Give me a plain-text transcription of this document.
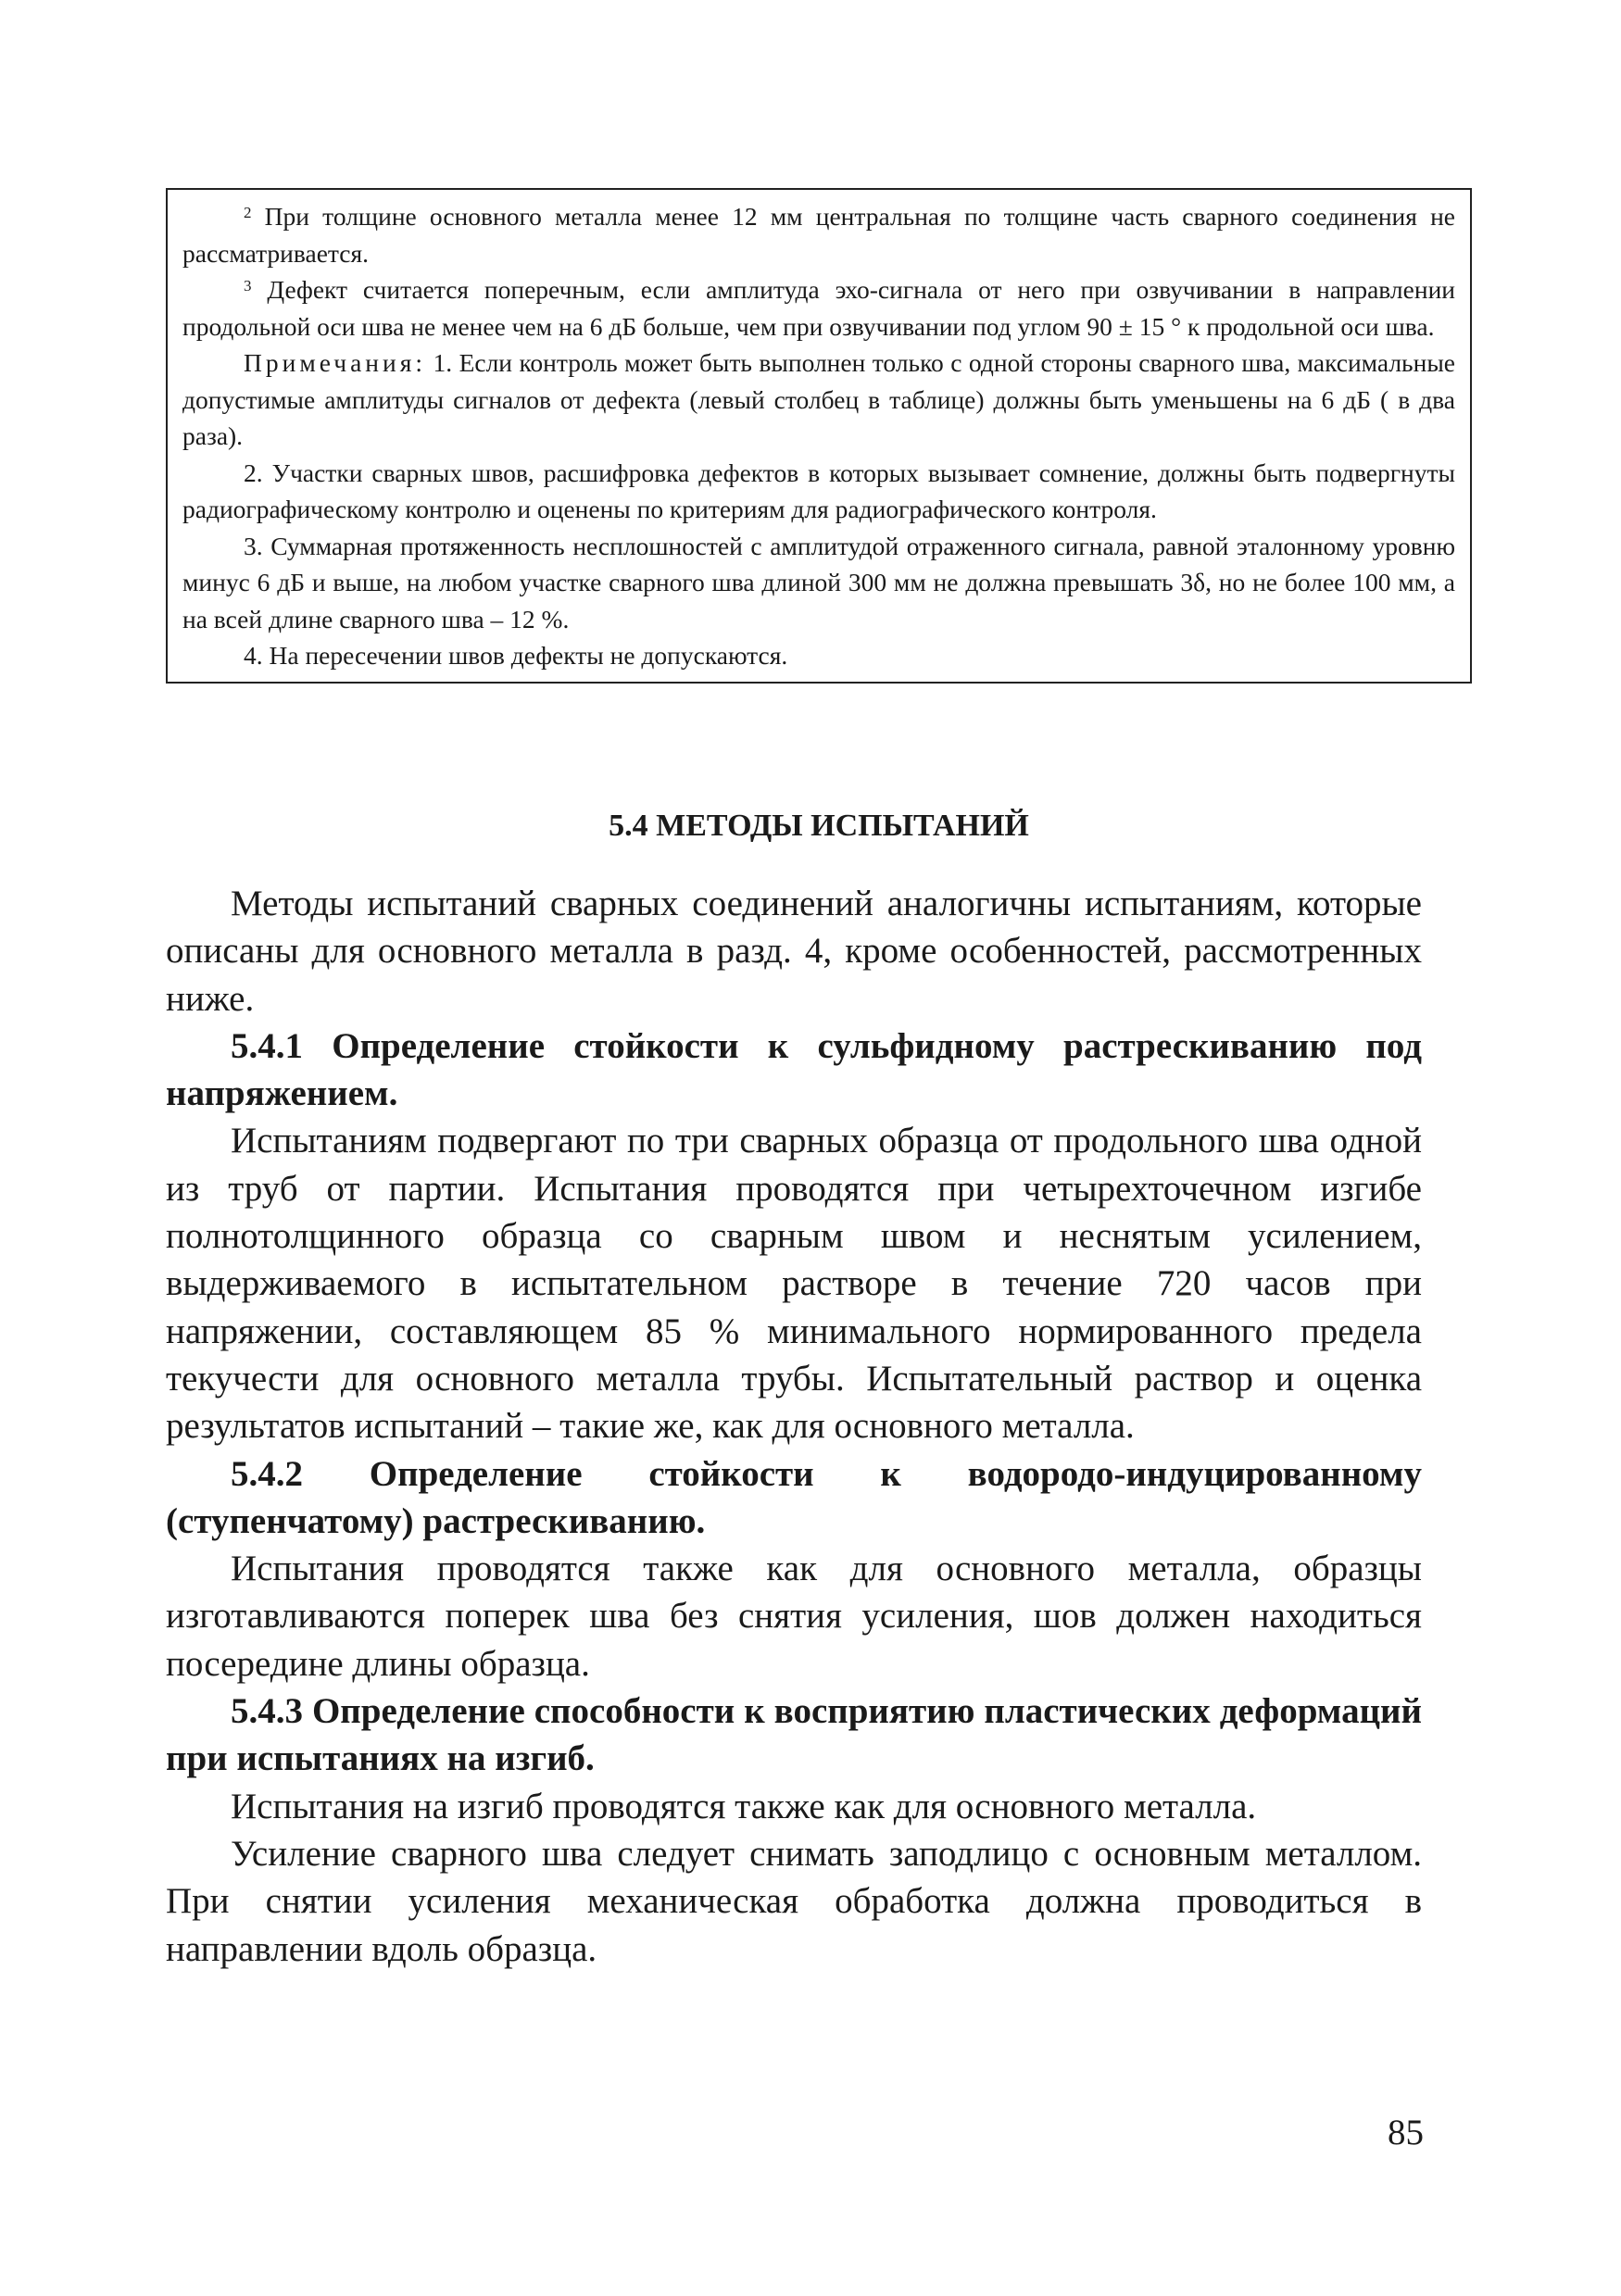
$^2$ При толщине основного металла менее 12 мм центральная по толщине часть сварного соединения не рассматривается.

$^3$ Дефект считается поперечным, если амплитуда эхо-сигнала от него при озвучивании в направлении продольной оси шва не менее чем на 6 дБ больше, чем при озвучивании под углом 90 ± 15 ° к продольной оси шва.

Примечания: 1. Если контроль может быть выполнен только с одной стороны сварного шва, максимальные допустимые амплитуды сигналов от дефекта (левый столбец в таблице) должны быть уменьшены на 6 дБ ( в два раза).

2. Участки сварных швов, расшифровка дефектов в которых вызывает сомнение, должны быть подвергнуты радиографическому контролю и оценены по критериям для радиографического контроля.

3. Суммарная протяженность несплошностей с амплитудой отраженного сигнала, равной эталонному уровню минус 6 дБ и выше, на любом участке сварного шва длиной 300 мм не должна превышать 3δ, но не более 100 мм, а на всей длине сварного шва – 12 %.

4. На пересечении швов дефекты не допускаются.

5.4 МЕТОДЫ ИСПЫТАНИЙ

Методы испытаний сварных соединений аналогичны испытаниям, которые описаны для основного металла в разд. 4, кроме особенностей, рассмотренных ниже.

5.4.1 Определение стойкости к сульфидному растрескиванию под напряжением.

Испытаниям подвергают по три сварных образца от продольного шва одной из труб от партии. Испытания проводятся при четырехточечном изгибе полнотолщинного образца со сварным швом и неснятым усилением, выдерживаемого в испытательном растворе в течение 720 часов при напряжении, составляющем 85 % минимального нормированного предела текучести для основного металла трубы. Испытательный раствор и оценка результатов испытаний – такие же, как для основного металла.

5.4.2 Определение стойкости к водородо-индуцированному (ступенчатому) растрескиванию.

Испытания проводятся также как для основного металла, образцы изготавливаются поперек шва без снятия усиления, шов должен находиться посередине длины образца.

5.4.3 Определение способности к восприятию пластических деформаций при испытаниях на изгиб.

Испытания на изгиб проводятся также как для основного металла.

Усиление сварного шва следует снимать заподлицо с основным металлом. При снятии усиления механическая обработка должна проводиться в направлении вдоль образца.

85
